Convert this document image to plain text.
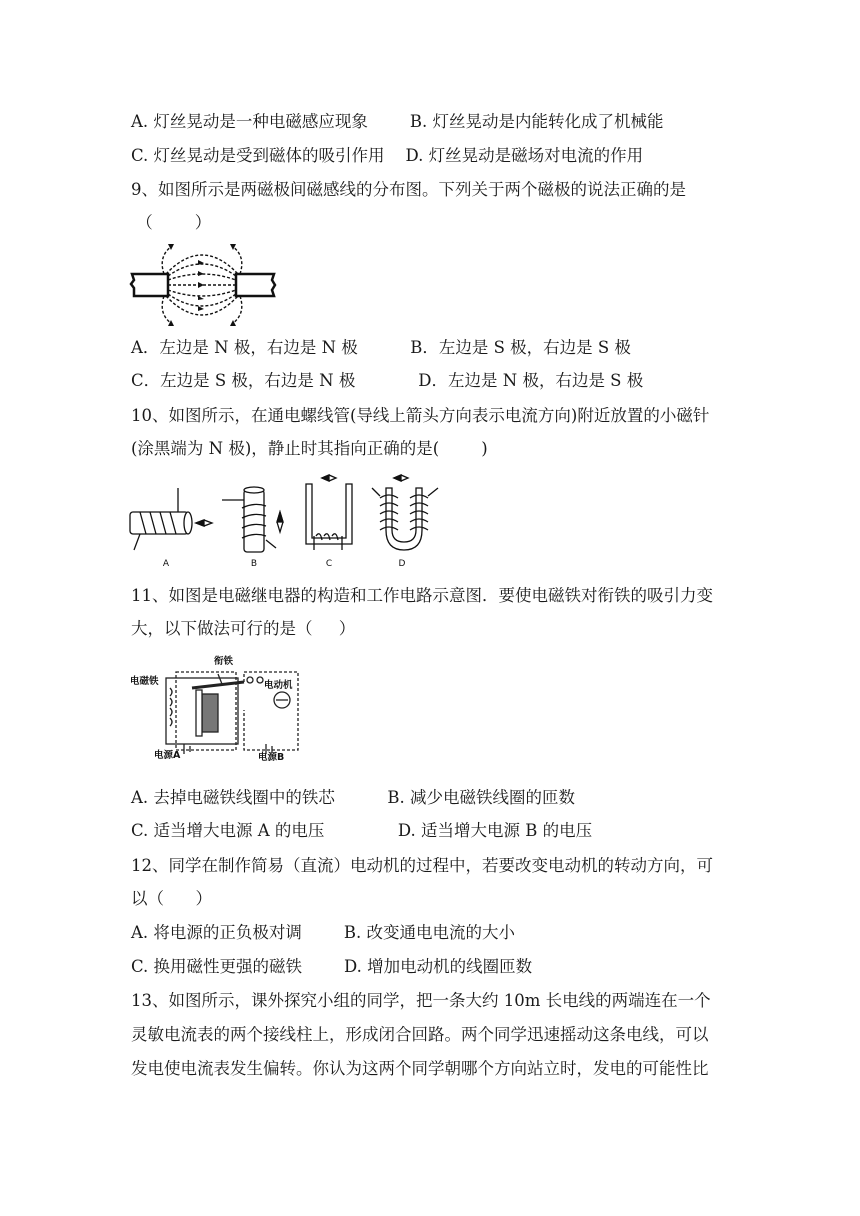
A. 灯丝晃动是一种电磁感应现象        B. 灯丝晃动是内能转化成了机械能
C. 灯丝晃动是受到磁体的吸引作用    D. 灯丝晃动是磁场对电流的作用
9、如图所示是两磁极间磁感线的分布图。下列关于两个磁极的说法正确的是
（        ）
A．左边是 N 极，右边是 N 极          B．左边是 S 极，右边是 S 极
C．左边是 S 极，右边是 N 极            D．左边是 N 极，右边是 S 极
10、如图所示，在通电螺线管(导线上箭头方向表示电流方向)附近放置的小磁针
(涂黑端为 N 极)，静止时其指向正确的是(        )
A	B	C	D
11、如图是电磁继电器的构造和工作电路示意图．要使电磁铁对衔铁的吸引力变
大，以下做法可行的是（     ）
衔铁
电磁铁	电动机
电源A	电源B
A. 去掉电磁铁线圈中的铁芯          B. 减少电磁铁线圈的匝数
C. 适当增大电源 A 的电压              D. 适当增大电源 B 的电压
12、同学在制作简易（直流）电动机的过程中，若要改变电动机的转动方向，可
以（      ）
A. 将电源的正负极对调        B. 改变通电电流的大小
C. 换用磁性更强的磁铁        D. 增加电动机的线圈匝数
13、如图所示，课外探究小组的同学，把一条大约 10m 长电线的两端连在一个
灵敏电流表的两个接线柱上，形成闭合回路。两个同学迅速摇动这条电线，可以
发电使电流表发生偏转。你认为这两个同学朝哪个方向站立时，发电的可能性比
